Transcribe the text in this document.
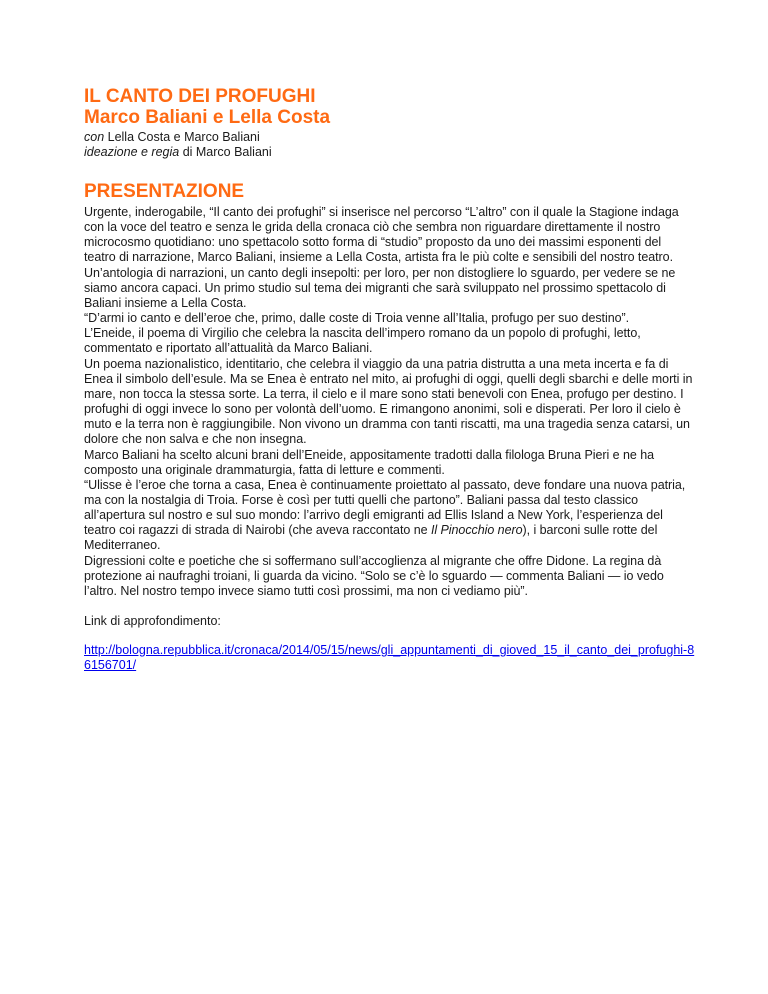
IL CANTO DEI PROFUGHI
Marco Baliani e Lella Costa
con Lella Costa e Marco Baliani
ideazione e regia di Marco Baliani
PRESENTAZIONE

Urgente, inderogabile, “Il canto dei profughi” si inserisce nel percorso “L’altro” con il quale la Stagione indaga con la voce del teatro e senza le grida della cronaca ciò che sembra non riguardare direttamente il nostro microcosmo quotidiano: uno spettacolo sotto forma di “studio” proposto da uno dei massimi esponenti del teatro di narrazione, Marco Baliani, insieme a Lella Costa, artista fra le più colte e sensibili del nostro teatro. Un’antologia di narrazioni, un canto degli insepolti: per loro, per non distogliere lo sguardo, per vedere se ne siamo ancora capaci. Un primo studio sul tema dei migranti che sarà sviluppato nel prossimo spettacolo di Baliani insieme a Lella Costa.

“D’armi io canto e dell’eroe che, primo, dalle coste di Troia venne all’Italia, profugo per suo destino”.

L’Eneide, il poema di Virgilio che celebra la nascita dell’impero romano da un popolo di profughi, letto, commentato e riportato all’attualità da Marco Baliani.

Un poema nazionalistico, identitario, che celebra il viaggio da una patria distrutta a una meta incerta e fa di Enea il simbolo dell’esule. Ma se Enea è entrato nel mito, ai profughi di oggi, quelli degli sbarchi e delle morti in mare, non tocca la stessa sorte. La terra, il cielo e il mare sono stati benevoli con Enea, profugo per destino. I profughi di oggi invece lo sono per volontà dell’uomo. E rimangono anonimi, soli e disperati. Per loro il cielo è muto e la terra non è raggiungibile. Non vivono un dramma con tanti riscatti, ma una tragedia senza catarsi, un dolore che non salva e che non insegna.

Marco Baliani ha scelto alcuni brani dell’Eneide, appositamente tradotti dalla filologa Bruna Pieri e ne ha composto una originale drammaturgia, fatta di letture e commenti.

“Ulisse è l’eroe che torna a casa, Enea è continuamente proiettato al passato, deve fondare una nuova patria, ma con la nostalgia di Troia. Forse è così per tutti quelli che partono”. Baliani passa dal testo classico all’apertura sul nostro e sul suo mondo: l’arrivo degli emigranti ad Ellis Island a New York, l’esperienza del teatro coi ragazzi di strada di Nairobi (che aveva raccontato ne Il Pinocchio nero), i barconi sulle rotte del Mediterraneo.

Digressioni colte e poetiche che si soffermano sull’accoglienza al migrante che offre Didone. La regina dà protezione ai naufraghi troiani, li guarda da vicino. “Solo se c’è lo sguardo — commenta Baliani — io vedo l’altro. Nel nostro tempo invece siamo tutti così prossimi, ma non ci vediamo più”.

Link di approfondimento:
http://bologna.repubblica.it/cronaca/2014/05/15/news/gli_appuntamenti_di_gioved_15_il_canto_dei_profughi-86156701/
